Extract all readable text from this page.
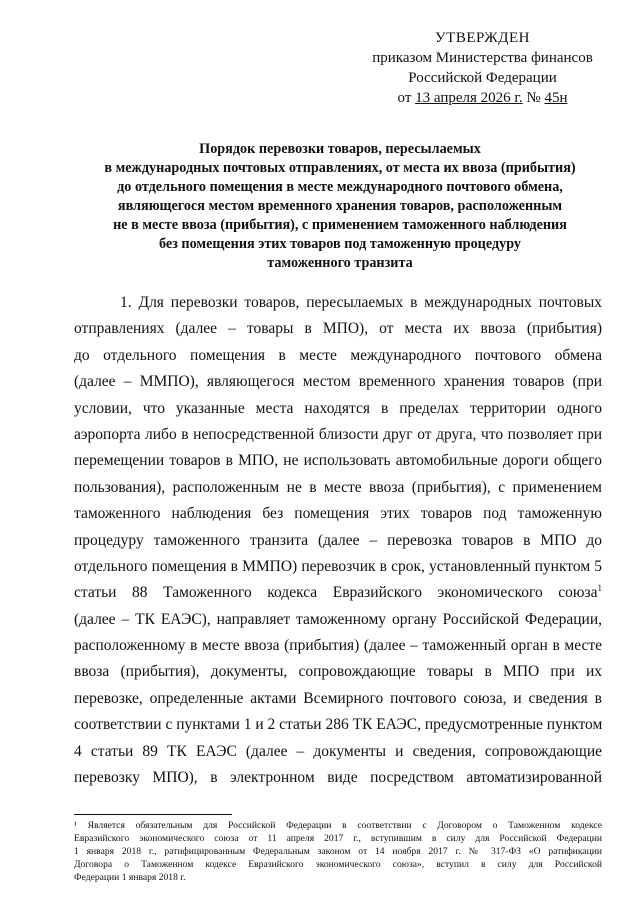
УТВЕРЖДЕН
приказом Министерства финансов
Российской Федерации
от 13 апреля 2026 г. № 45н
Порядок перевозки товаров, пересылаемых
в международных почтовых отправлениях, от места их ввоза (прибытия)
до отдельного помещения в месте международного почтового обмена,
являющегося местом временного хранения товаров, расположенным
не в месте ввоза (прибытия), с применением таможенного наблюдения
без помещения этих товаров под таможенную процедуру
таможенного транзита
1. Для перевозки товаров, пересылаемых в международных почтовых
отправлениях (далее – товары в МПО), от места их ввоза (прибытия)
до отдельного помещения в месте международного почтового обмена
(далее – ММПО), являющегося местом временного хранения товаров (при
условии, что указанные места находятся в пределах территории одного
аэропорта либо в непосредственной близости друг от друга, что позволяет при
перемещении товаров в МПО, не использовать автомобильные дороги общего
пользования), расположенным не в месте ввоза (прибытия), с применением
таможенного наблюдения без помещения этих товаров под таможенную
процедуру таможенного транзита (далее – перевозка товаров в МПО до
отдельного помещения в ММПО) перевозчик в срок, установленный пунктом 5
статьи 88 Таможенного кодекса Евразийского экономического союза$^1$
(далее – ТК ЕАЭС), направляет таможенному органу Российской Федерации,
расположенному в месте ввоза (прибытия) (далее – таможенный орган в месте
ввоза (прибытия), документы, сопровождающие товары в МПО при их
перевозке, определенные актами Всемирного почтового союза, и сведения в
соответствии с пунктами 1 и 2 статьи 286 ТК ЕАЭС, предусмотренные пунктом
4 статьи 89 ТК ЕАЭС (далее – документы и сведения, сопровождающие
перевозку МПО), в электронном виде посредством автоматизированной
¹ Является обязательным для Российской Федерации в соответствии с Договором о Таможенном кодексе
Евразийского экономического союза от 11 апреля 2017 г., вступившим в силу для Российской Федерации
1 января 2018 г., ратифицированным Федеральным законом от 14 ноября 2017 г. № 317-ФЗ «О ратификации
Договора о Таможенном кодексе Евразийского экономического союза», вступил в силу для Российской
Федерации 1 января 2018 г.
